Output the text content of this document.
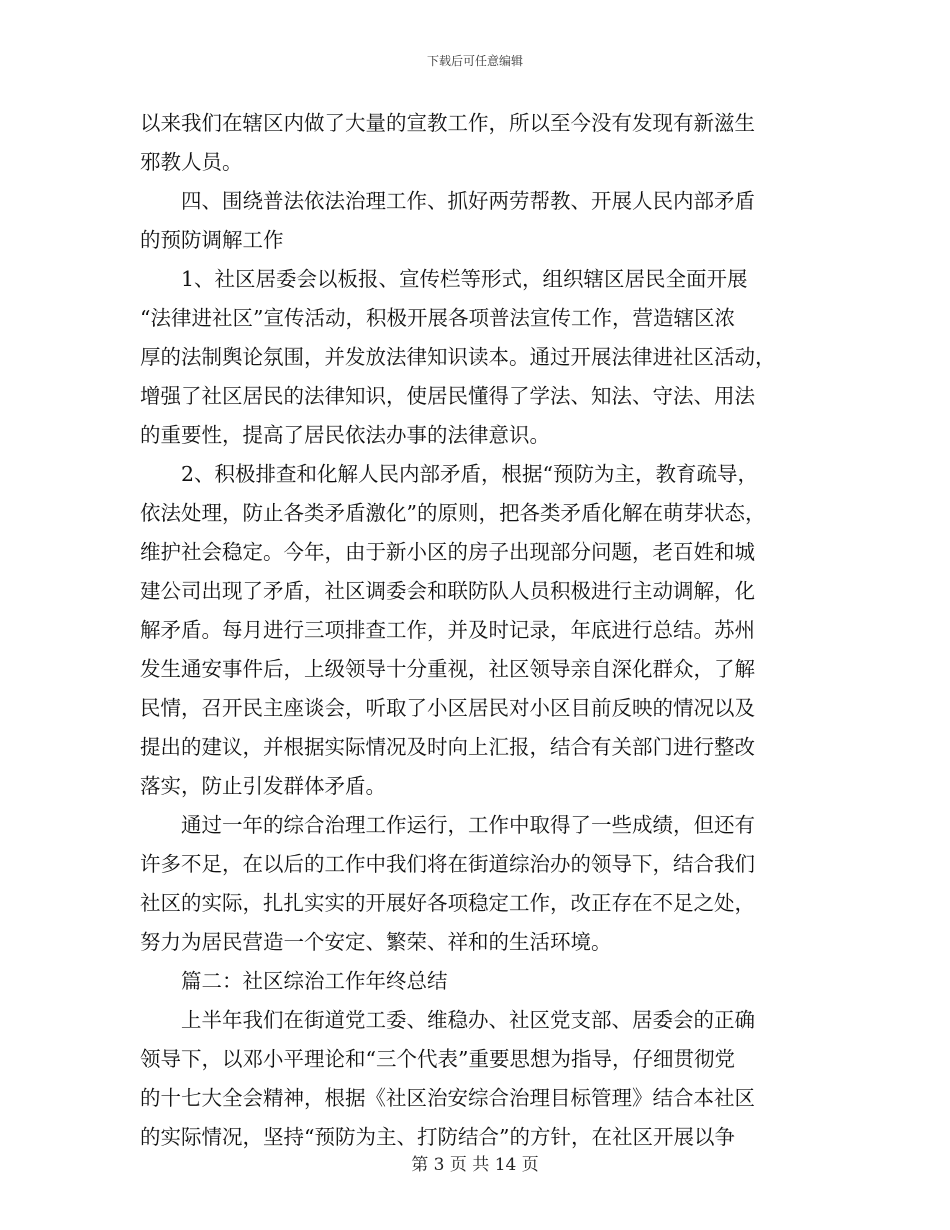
下载后可任意编辑
以来我们在辖区内做了大量的宣教工作，所以至今没有发现有新滋生
邪教人员。
四、围绕普法依法治理工作、抓好两劳帮教、开展人民内部矛盾
的预防调解工作
1、社区居委会以板报、宣传栏等形式，组织辖区居民全面开展
“法律进社区”宣传活动，积极开展各项普法宣传工作，营造辖区浓
厚的法制舆论氛围，并发放法律知识读本。通过开展法律进社区活动，
增强了社区居民的法律知识，使居民懂得了学法、知法、守法、用法
的重要性，提高了居民依法办事的法律意识。
2、积极排查和化解人民内部矛盾，根据“预防为主，教育疏导，
依法处理，防止各类矛盾激化”的原则，把各类矛盾化解在萌芽状态，
维护社会稳定。今年，由于新小区的房子出现部分问题，老百姓和城
建公司出现了矛盾，社区调委会和联防队人员积极进行主动调解，化
解矛盾。每月进行三项排查工作，并及时记录，年底进行总结。苏州
发生通安事件后，上级领导十分重视，社区领导亲自深化群众，了解
民情，召开民主座谈会，听取了小区居民对小区目前反映的情况以及
提出的建议，并根据实际情况及时向上汇报，结合有关部门进行整改
落实，防止引发群体矛盾。
通过一年的综合治理工作运行，工作中取得了一些成绩，但还有
许多不足，在以后的工作中我们将在街道综治办的领导下，结合我们
社区的实际，扎扎实实的开展好各项稳定工作，改正存在不足之处，
努力为居民营造一个安定、繁荣、祥和的生活环境。
篇二：社区综治工作年终总结
上半年我们在街道党工委、维稳办、社区党支部、居委会的正确
领导下，以邓小平理论和“三个代表”重要思想为指导，仔细贯彻党
的十七大全会精神，根据《社区治安综合治理目标管理》结合本社区
的实际情况，坚持“预防为主、打防结合”的方针，在社区开展以争
第 3 页 共 14 页
